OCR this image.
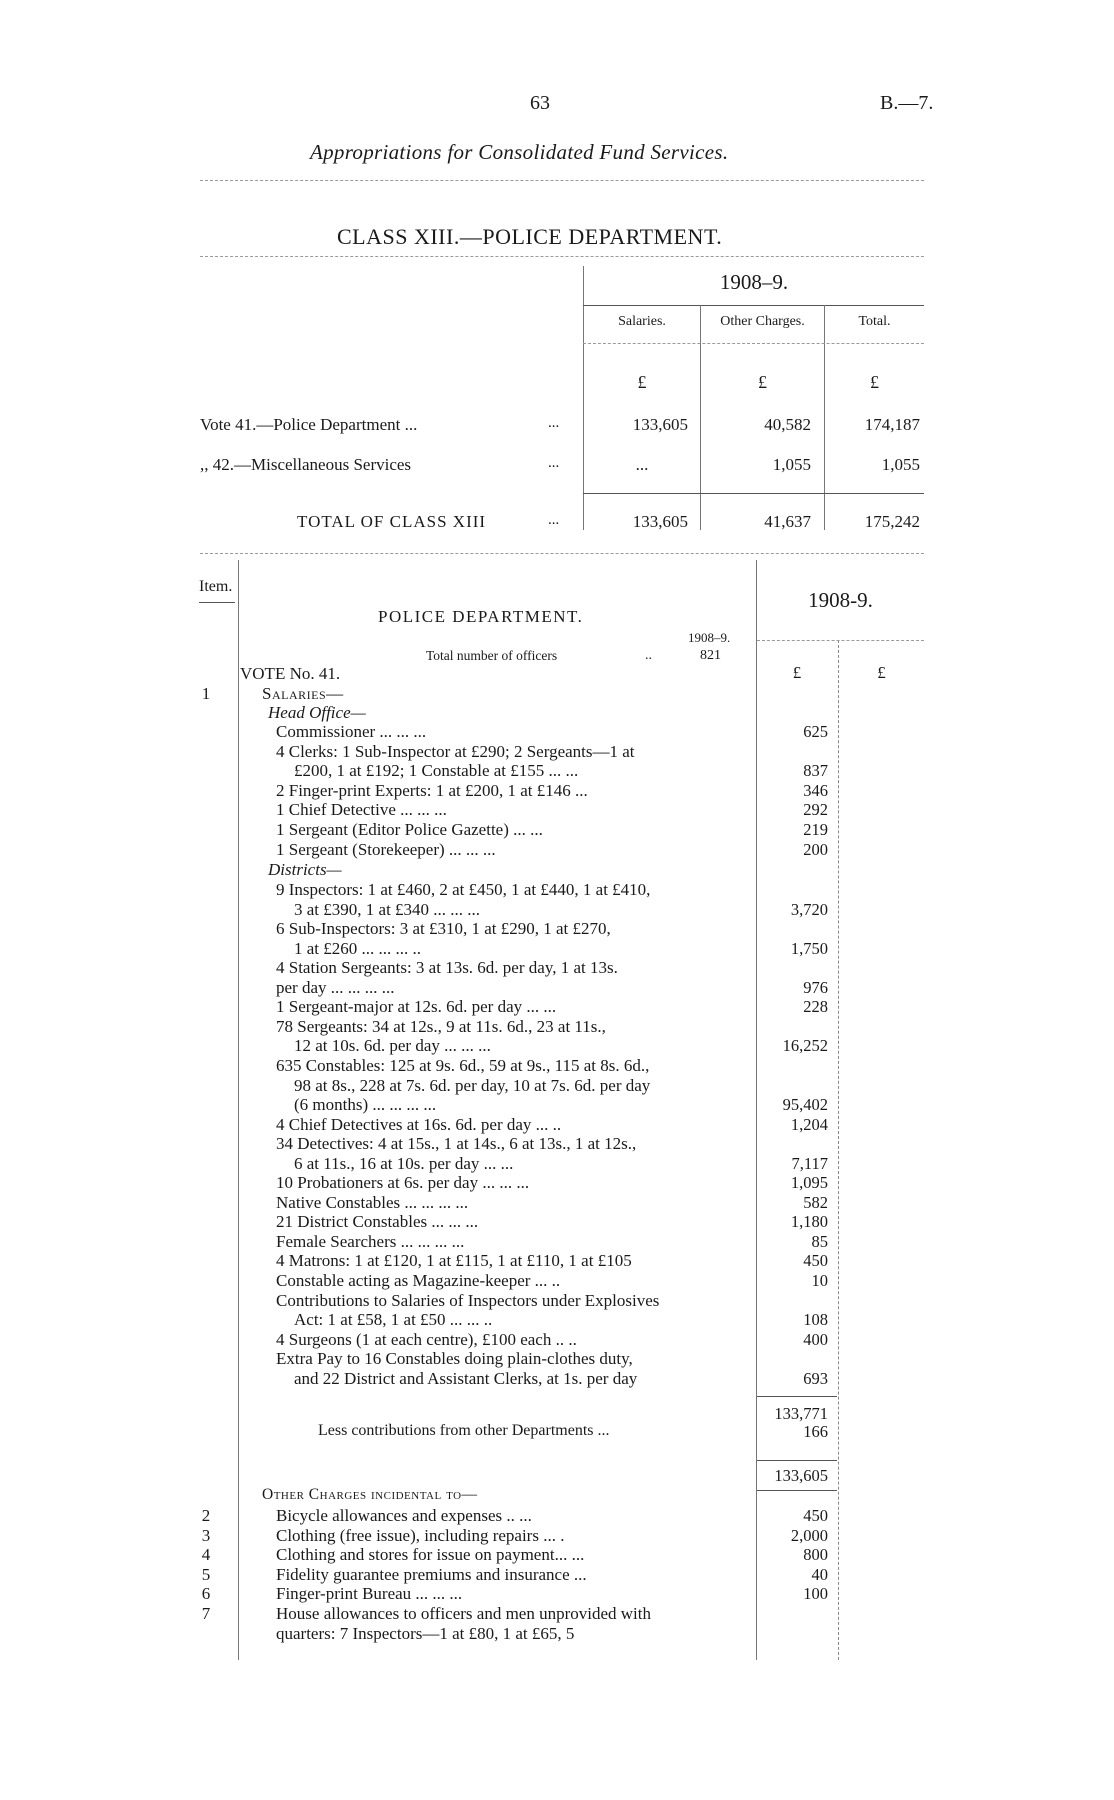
63	B.—7.
Appropriations for Consolidated Fund Services.
CLASS XIII.—POLICE DEPARTMENT.
1908–9.
Salaries.	Other Charges.	Total.
£	£	£
Vote 41.—Police Department ...	...	133,605	40,582	174,187
,, 42.—Miscellaneous Services	...	...	1,055	1,055
TOTAL OF CLASS XIII	...	133,605	41,637	175,242
Item.
1908-9.
POLICE DEPARTMENT.
1908–9.
Total number of officers	..	821
£	£
VOTE No. 41.
1	Salaries—
Head Office—
Commissioner ... ... ...	625
4 Clerks: 1 Sub-Inspector at £290; 2 Sergeants—1 at
£200, 1 at £192; 1 Constable at £155 ... ...	837
2 Finger-print Experts: 1 at £200, 1 at £146 ...	346
1 Chief Detective ... ... ...	292
1 Sergeant (Editor Police Gazette) ... ...	219
1 Sergeant (Storekeeper) ... ... ...	200
Districts—
9 Inspectors: 1 at £460, 2 at £450, 1 at £440, 1 at £410,
3 at £390, 1 at £340 ... ... ...	3,720
6 Sub-Inspectors: 3 at £310, 1 at £290, 1 at £270,
1 at £260 ... ... ... ..	1,750
4 Station Sergeants: 3 at 13s. 6d. per day, 1 at 13s.
per day ... ... ... ...	976
1 Sergeant-major at 12s. 6d. per day ... ...	228
78 Sergeants: 34 at 12s., 9 at 11s. 6d., 23 at 11s.,
12 at 10s. 6d. per day ... ... ...	16,252
635 Constables: 125 at 9s. 6d., 59 at 9s., 115 at 8s. 6d.,
98 at 8s., 228 at 7s. 6d. per day, 10 at 7s. 6d. per day
(6 months) ... ... ... ...	95,402
4 Chief Detectives at 16s. 6d. per day ... ..	1,204
34 Detectives: 4 at 15s., 1 at 14s., 6 at 13s., 1 at 12s.,
6 at 11s., 16 at 10s. per day ... ...	7,117
10 Probationers at 6s. per day ... ... ...	1,095
Native Constables ... ... ... ...	582
21 District Constables ... ... ...	1,180
Female Searchers ... ... ... ...	85
4 Matrons: 1 at £120, 1 at £115, 1 at £110, 1 at £105	450
Constable acting as Magazine-keeper ... ..	10
Contributions to Salaries of Inspectors under Explosives
Act: 1 at £58, 1 at £50 ... ... ..	108
4 Surgeons (1 at each centre), £100 each .. ..	400
Extra Pay to 16 Constables doing plain-clothes duty,
and 22 District and Assistant Clerks, at 1s. per day	693
133,771
Less contributions from other Departments ...	166
133,605
Other Charges incidental to—
2	Bicycle allowances and expenses .. ...	450
3	Clothing (free issue), including repairs ... .	2,000
4	Clothing and stores for issue on payment... ...	800
5	Fidelity guarantee premiums and insurance ...	40
6	Finger-print Bureau ... ... ...	100
7	House allowances to officers and men unprovided with
quarters: 7 Inspectors—1 at £80, 1 at £65, 5
